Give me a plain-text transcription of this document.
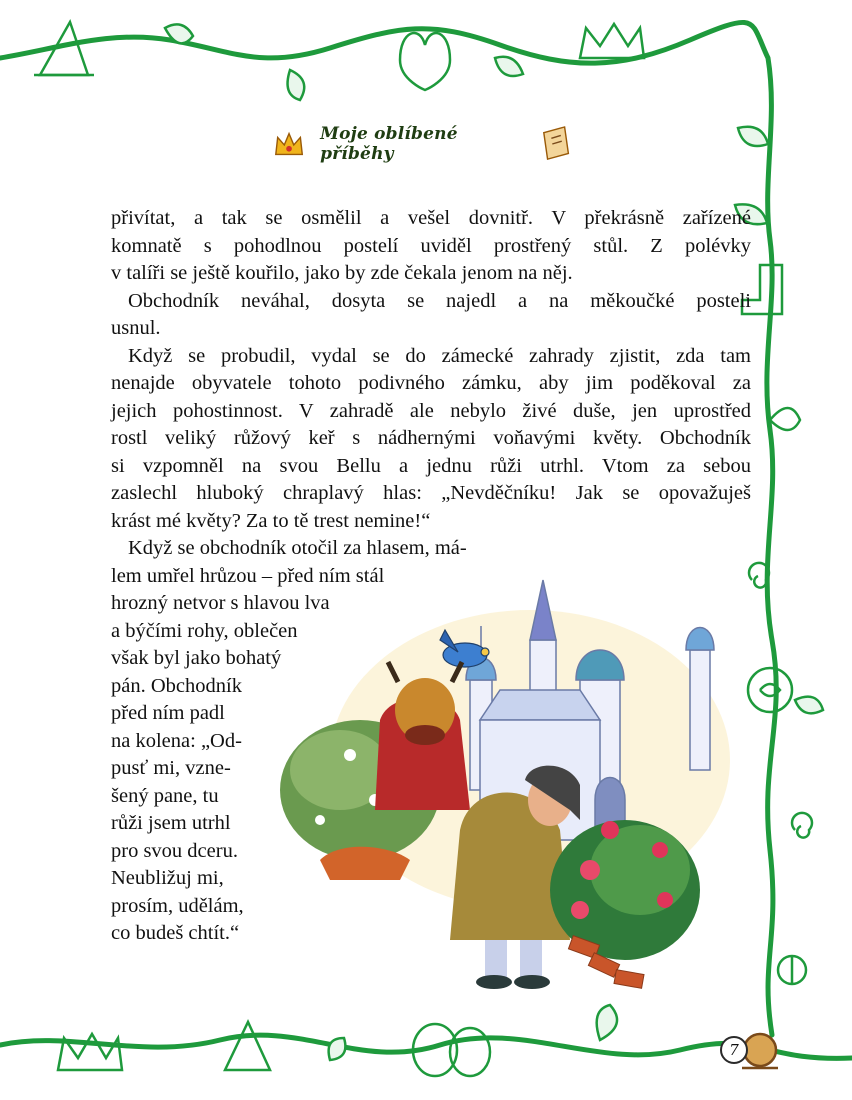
Moje oblíbené příběhy
přivítat, a tak se osmělil a vešel dovnitř. V překrásně zařízené
komnatě s pohodlnou postelí uviděl prostřený stůl. Z polévky
v talíři se ještě kouřilo, jako by zde čekala jenom na něj.
Obchodník neváhal, dosyta se najedl a na měkoučké posteli
usnul.
Když se probudil, vydal se do zámecké zahrady zjistit, zda tam
nenajde obyvatele tohoto podivného zámku, aby jim poděkoval za
jejich pohostinnost. V zahradě ale nebylo živé duše, jen uprostřed
rostl veliký růžový keř s nádhernými voňavými květy. Obchodník
si vzpomněl na svou Bellu a jednu růži utrhl. Vtom za sebou
zaslechl hluboký chraplavý hlas: „Nevděčníku! Jak se opovažuješ
krást mé květy? Za to tě trest nemine!“
Když se obchodník otočil za hlasem, má-
lem umřel hrůzou – před ním stál
hrozný netvor s hlavou lva
a býčími rohy, oblečen
však byl jako bohatý
pán. Obchodník
před ním padl
na kolena: „Od-
pusť mi, vzne-
šený pane, tu
růži jsem utrhl
pro svou dceru.
Neubližuj mi,
prosím, udělám,
co budeš chtít.“
7
